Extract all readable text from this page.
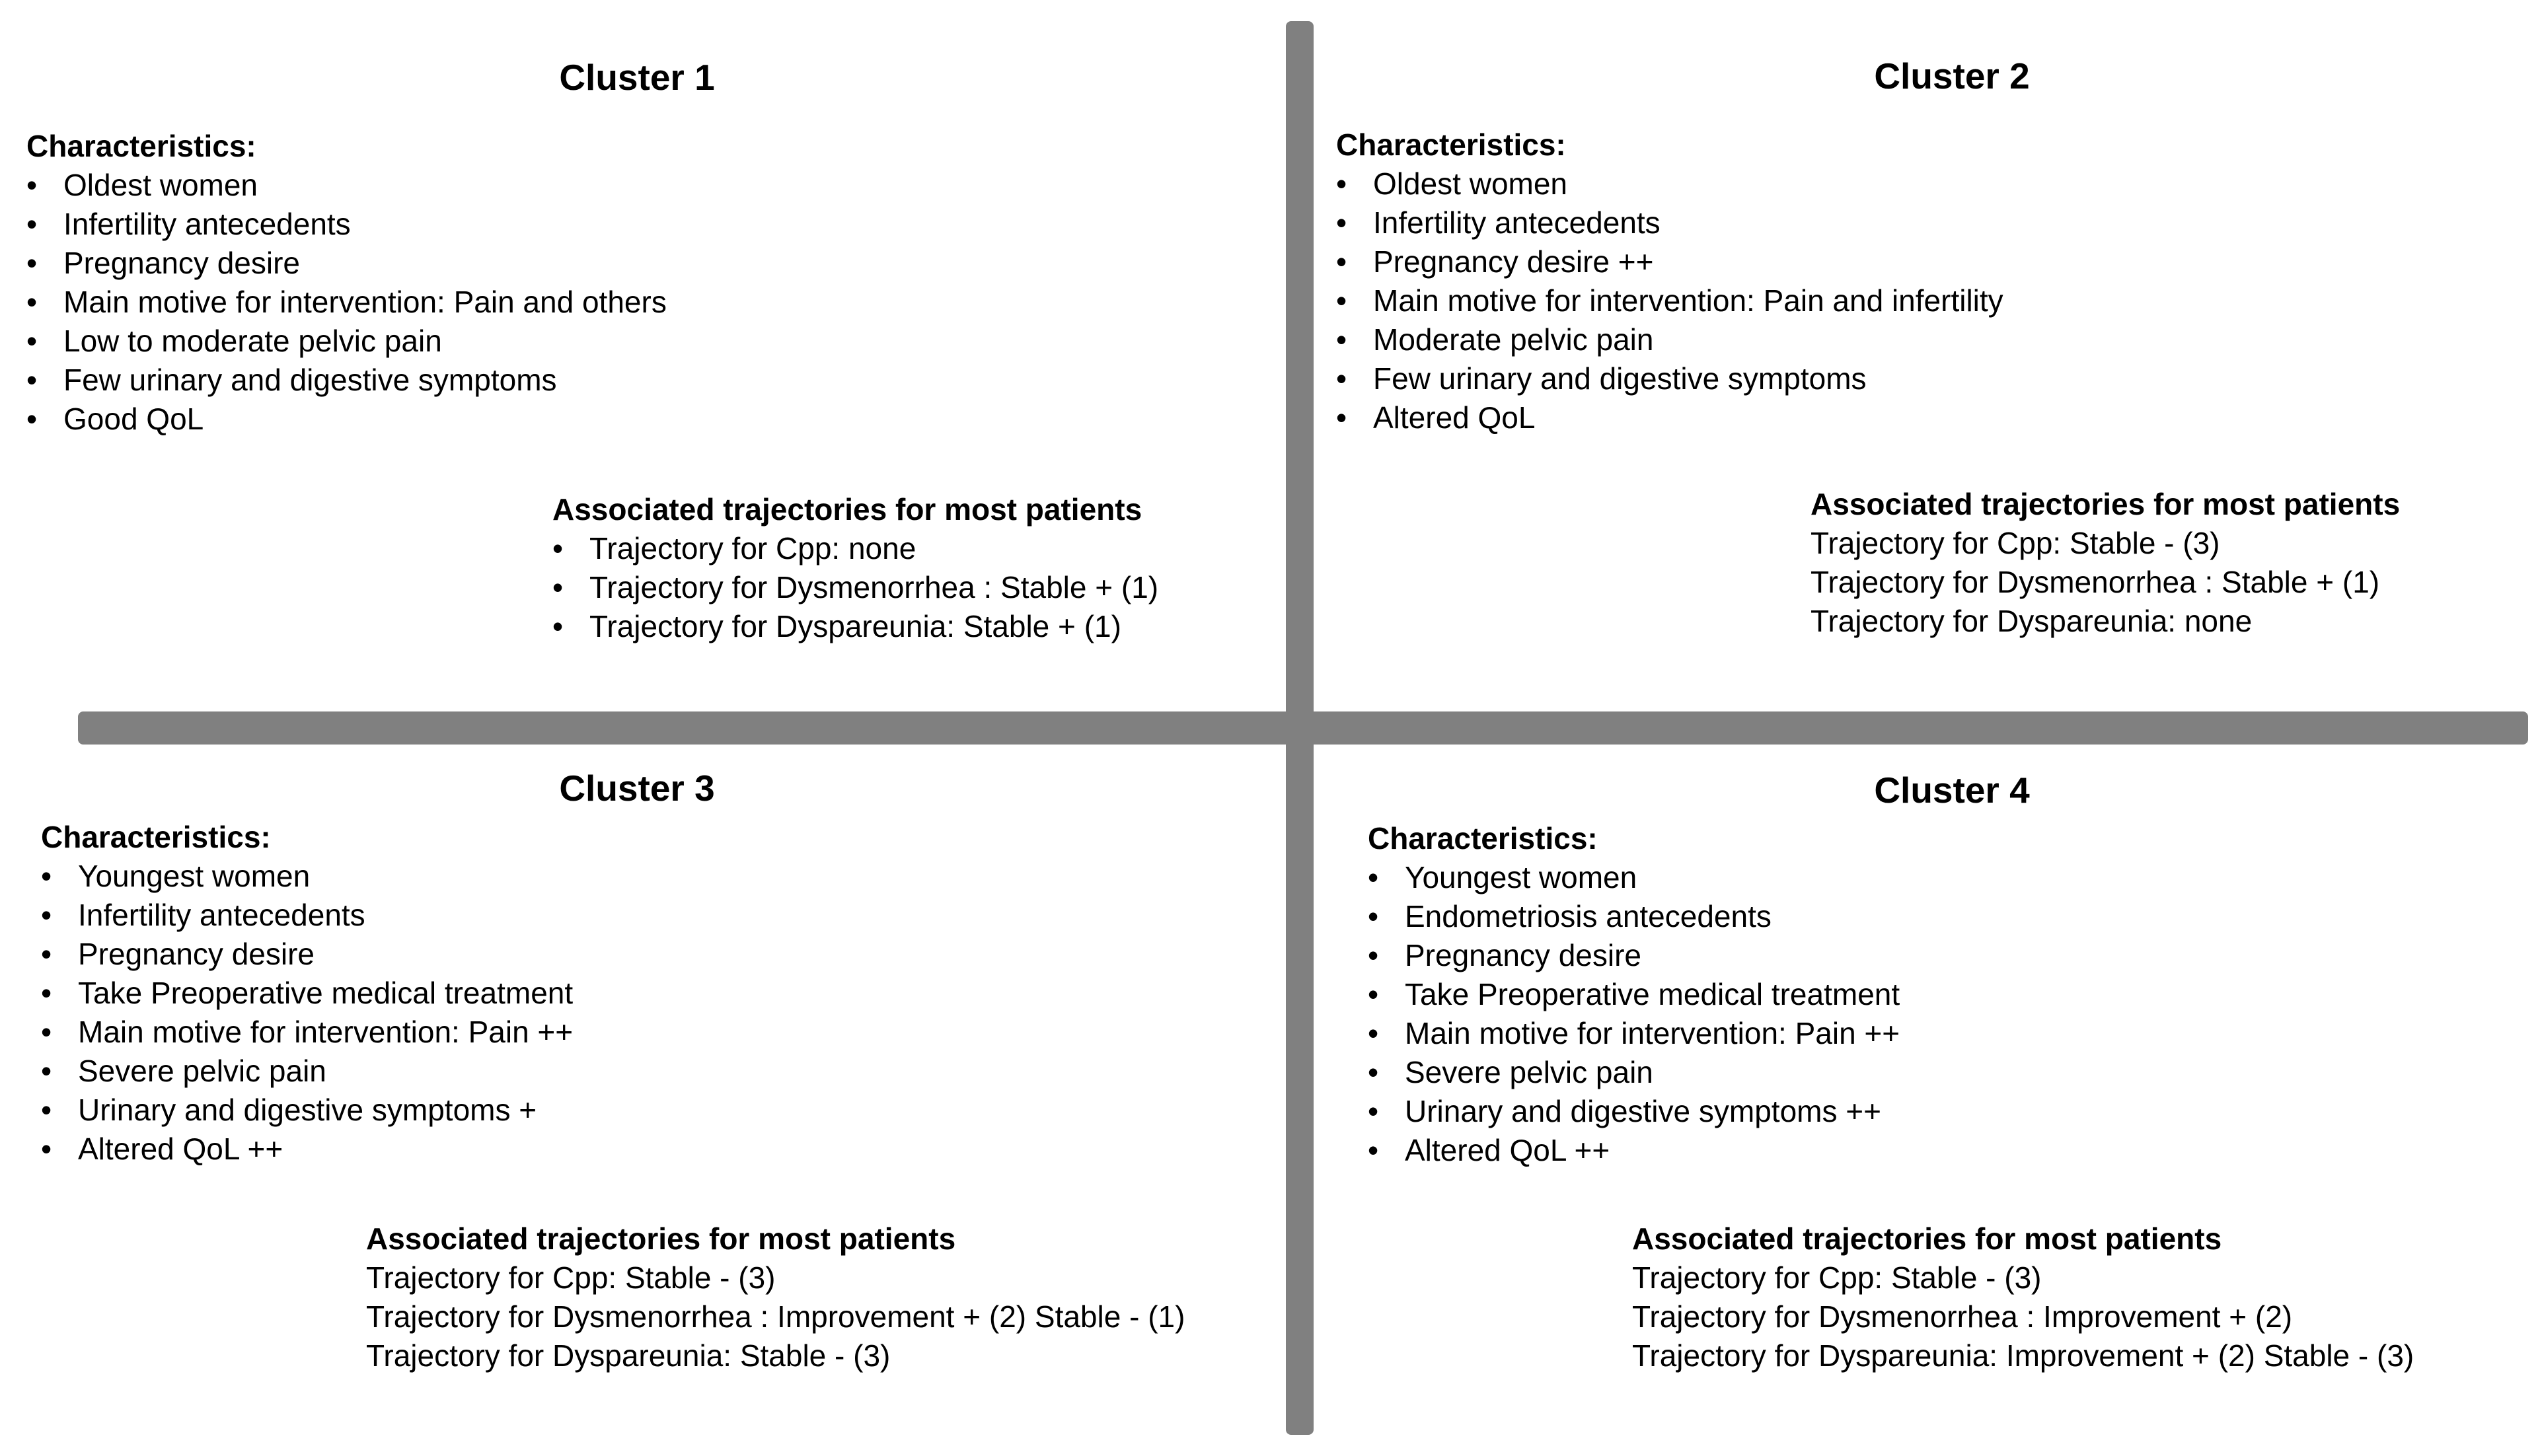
Cluster 1

Characteristics:

• Oldest women
• Infertility antecedents
• Pregnancy desire
• Main motive for intervention: Pain and others
• Low to moderate pelvic pain
• Few urinary and digestive symptoms
• Good QoL

Associated trajectories for most patients

• Trajectory for Cpp: none
• Trajectory for Dysmenorrhea : Stable + (1)
• Trajectory for Dyspareunia: Stable + (1)
Cluster 2

Characteristics:

• Oldest women
• Infertility antecedents
• Pregnancy desire ++
• Main motive for intervention: Pain and infertility
• Moderate pelvic pain
• Few urinary and digestive symptoms
• Altered QoL

Associated trajectories for most patients

Trajectory for Cpp: Stable - (3)
Trajectory for Dysmenorrhea : Stable + (1)
Trajectory for Dyspareunia: none
Cluster 3

Characteristics:

• Youngest women
• Infertility antecedents
• Pregnancy desire
• Take Preoperative medical treatment
• Main motive for intervention: Pain ++
• Severe pelvic pain
• Urinary and digestive symptoms +
• Altered QoL ++

Associated trajectories for most patients

Trajectory for Cpp: Stable - (3)
Trajectory for Dysmenorrhea : Improvement + (2) Stable - (1)
Trajectory for Dyspareunia: Stable - (3)
Cluster 4

Characteristics:

• Youngest women
• Endometriosis antecedents
• Pregnancy desire
• Take Preoperative medical treatment
• Main motive for intervention: Pain ++
• Severe pelvic pain
• Urinary and digestive symptoms ++
• Altered QoL ++

Associated trajectories for most patients

Trajectory for Cpp: Stable - (3)
Trajectory for Dysmenorrhea : Improvement + (2)
Trajectory for Dyspareunia: Improvement + (2) Stable - (3)
